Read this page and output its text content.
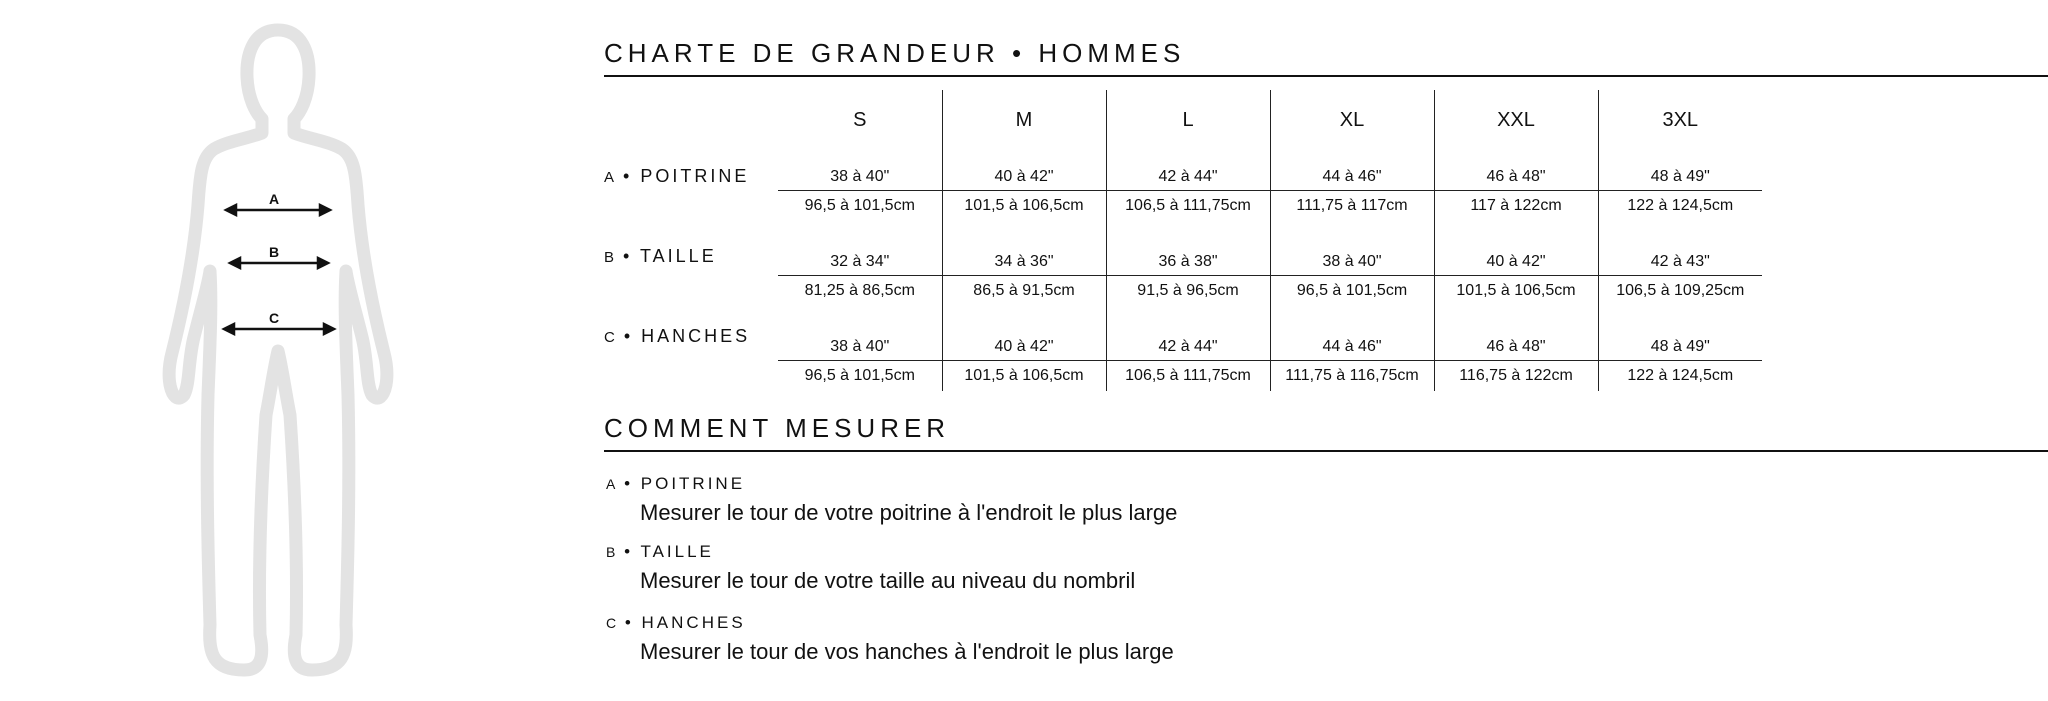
A
B
C
CHARTE DE GRANDEUR • HOMMES
A • POITRINE
B • TAILLE
C • HANCHES
S	M	L	XL	XXL	3XL
38 à 40"	40 à 42"	42 à 44"	44 à 46"	46 à 48"	48 à 49"
96,5 à 101,5cm	101,5 à 106,5cm	106,5 à 111,75cm	111,75 à 117cm	117 à 122cm	122 à 124,5cm

32 à 34"	34 à 36"	36 à 38"	38 à 40"	40 à 42"	42 à 43"
81,25 à 86,5cm	86,5 à 91,5cm	91,5 à 96,5cm	96,5 à 101,5cm	101,5 à 106,5cm	106,5 à 109,25cm

38 à 40"	40 à 42"	42 à 44"	44 à 46"	46 à 48"	48 à 49"
96,5 à 101,5cm	101,5 à 106,5cm	106,5 à 111,75cm	111,75 à 116,75cm	116,75 à 122cm	122 à 124,5cm
COMMENT MESURER
A • POITRINE
Mesurer le tour de votre poitrine à l'endroit le plus large
B • TAILLE
Mesurer le tour de votre taille au niveau du nombril
C • HANCHES
Mesurer le tour de vos hanches à l'endroit le plus large
